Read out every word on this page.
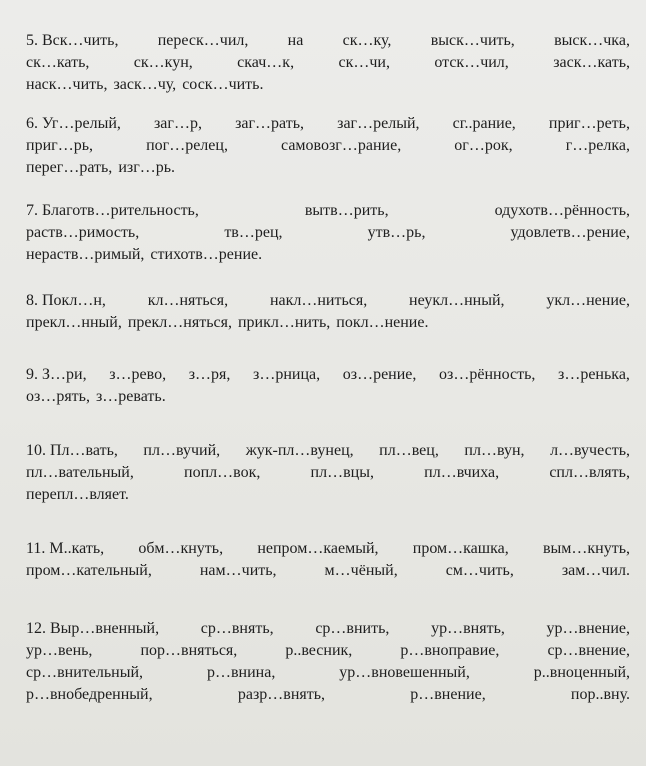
5. Вск…чить, переск…чил, на ск…ку, выск…чить, выск…чка,
ск…кать,	ск…кун,	скач…к,	ск…чи,	отск…чил,	заск…кать,
наск…чить, заск…чу, соск…чить.
6. Уг…релый, заг…р, заг…рать, заг…релый, сг..рание, приг…реть,
приг…рь,	пог…релец,	самовозг…рание,	ог…рок,	г…релка,
перег…рать, изг…рь.
7. Благотв…рительность,	вытв…рить,	одухотв…рённость,
раств…римость,	тв…рец,	утв…рь,	удовлетв…рение,
нераств…римый, стихотв…рение.
8. Покл…н,	кл…няться,	накл…ниться,	неукл…нный,	укл…нение,
прекл…нный, прекл…няться, прикл…нить, покл…нение.
9. З…ри, з…рево, з…ря, з…рница, оз…рение, оз…рённость, з…ренька,
оз…рять, з…ревать.
10. Пл…вать, пл…вучий, жук-пл…вунец, пл…вец, пл…вун, л…вучесть,
пл…вательный,	попл…вок,	пл…вцы,	пл…вчиха,	спл…влять,
перепл…вляет.
11. М..кать, обм…кнуть, непром…каемый, пром…кашка, вым…кнуть,
пром…кательный,	нам…чить,	м…чёный,	см…чить,	зам…чил.
12. Выр…вненный,	ср…внять,	ср…внить,	ур…внять,	ур…внение,
ур…вень,	пор…вняться,	р..весник,	р…вноправие,	ср…внение,
ср…внительный,	р…внина,	ур…вновешенный,	р..вноценный,
р…внобедренный,	разр…внять,	р…внение,	пор..вну.
